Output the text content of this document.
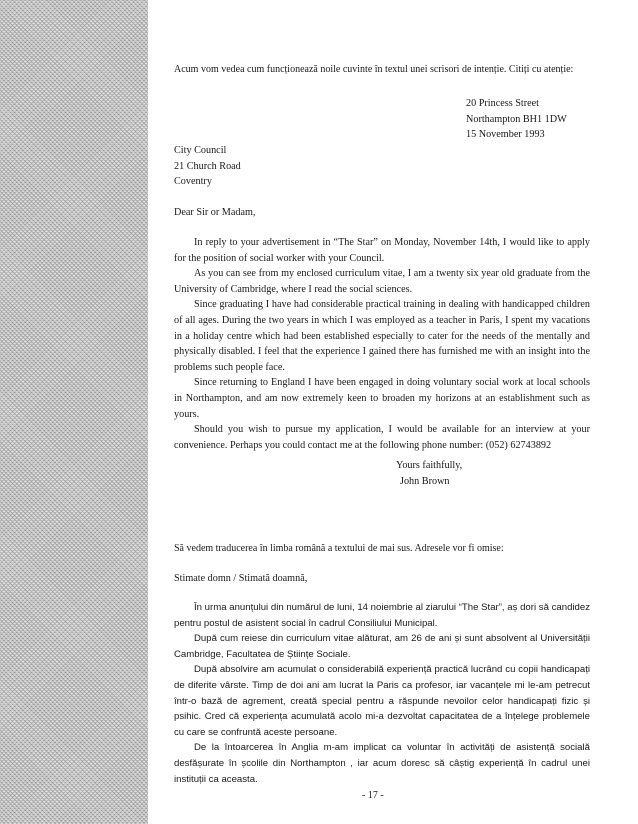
Acum vom vedea cum funcționează noile cuvinte în textul unei scrisori de intenție. Citiți cu atenție:

20 Princess Street
Northampton BH1 1DW
15 November 1993
City Council
21 Church Road
Coventry

Dear Sir or Madam,

In reply to your advertisement in “The Star” on Monday, November 14th, I would like to apply for the position of social worker with your Council.

As you can see from my enclosed curriculum vitae, I am a twenty six year old graduate from the University of Cambridge, where I read the social sciences.

Since graduating I have had considerable practical training in dealing with handicapped children of all ages. During the two years in which I was employed as a teacher in Paris, I spent my vacations in a holiday centre which had been established especially to cater for the needs of the mentally and physically disabled. I feel that the experience I gained there has furnished me with an insight into the problems such people face.

Since returning to England I have been engaged in doing voluntary social work at local schools in Northampton, and am now extremely keen to broaden my horizons at an establishment such as yours.

Should you wish to pursue my application, I would be available for an interview at your convenience. Perhaps you could contact me at the following phone number: (052) 62743892

Yours faithfully,
John Brown

Să vedem traducerea în limba română a textului de mai sus. Adresele vor fi omise:

Stimate domn / Stimată doamnă,

În urma anunțului din numărul de luni, 14 noiembrie al ziarului “The Star”, aș dori să candidez pentru postul de asistent social în cadrul Consiliului Municipal.

După cum reiese din curriculum vitae alăturat, am 26 de ani și sunt absolvent al Universității Cambridge, Facultatea de Științe Sociale.

După absolvire am acumulat o considerabilă experiență practică lucrând cu copii handicapați de diferite vârste. Timp de doi ani am lucrat la Paris ca profesor, iar vacanțele mi le-am petrecut într-o bază de agrement, creată special pentru a răspunde nevoilor celor handicapați fizic și psihic. Cred că experiența acumulată acolo mi-a dezvoltat capacitatea de a înțelege problemele cu care se confruntă aceste persoane.

De la întoarcerea în Anglia m-am implicat ca voluntar în activități de asistență socială desfășurate în școlile din Northampton , iar acum doresc să câștig experiență în cadrul unei instituții ca aceasta.

- 17 -
